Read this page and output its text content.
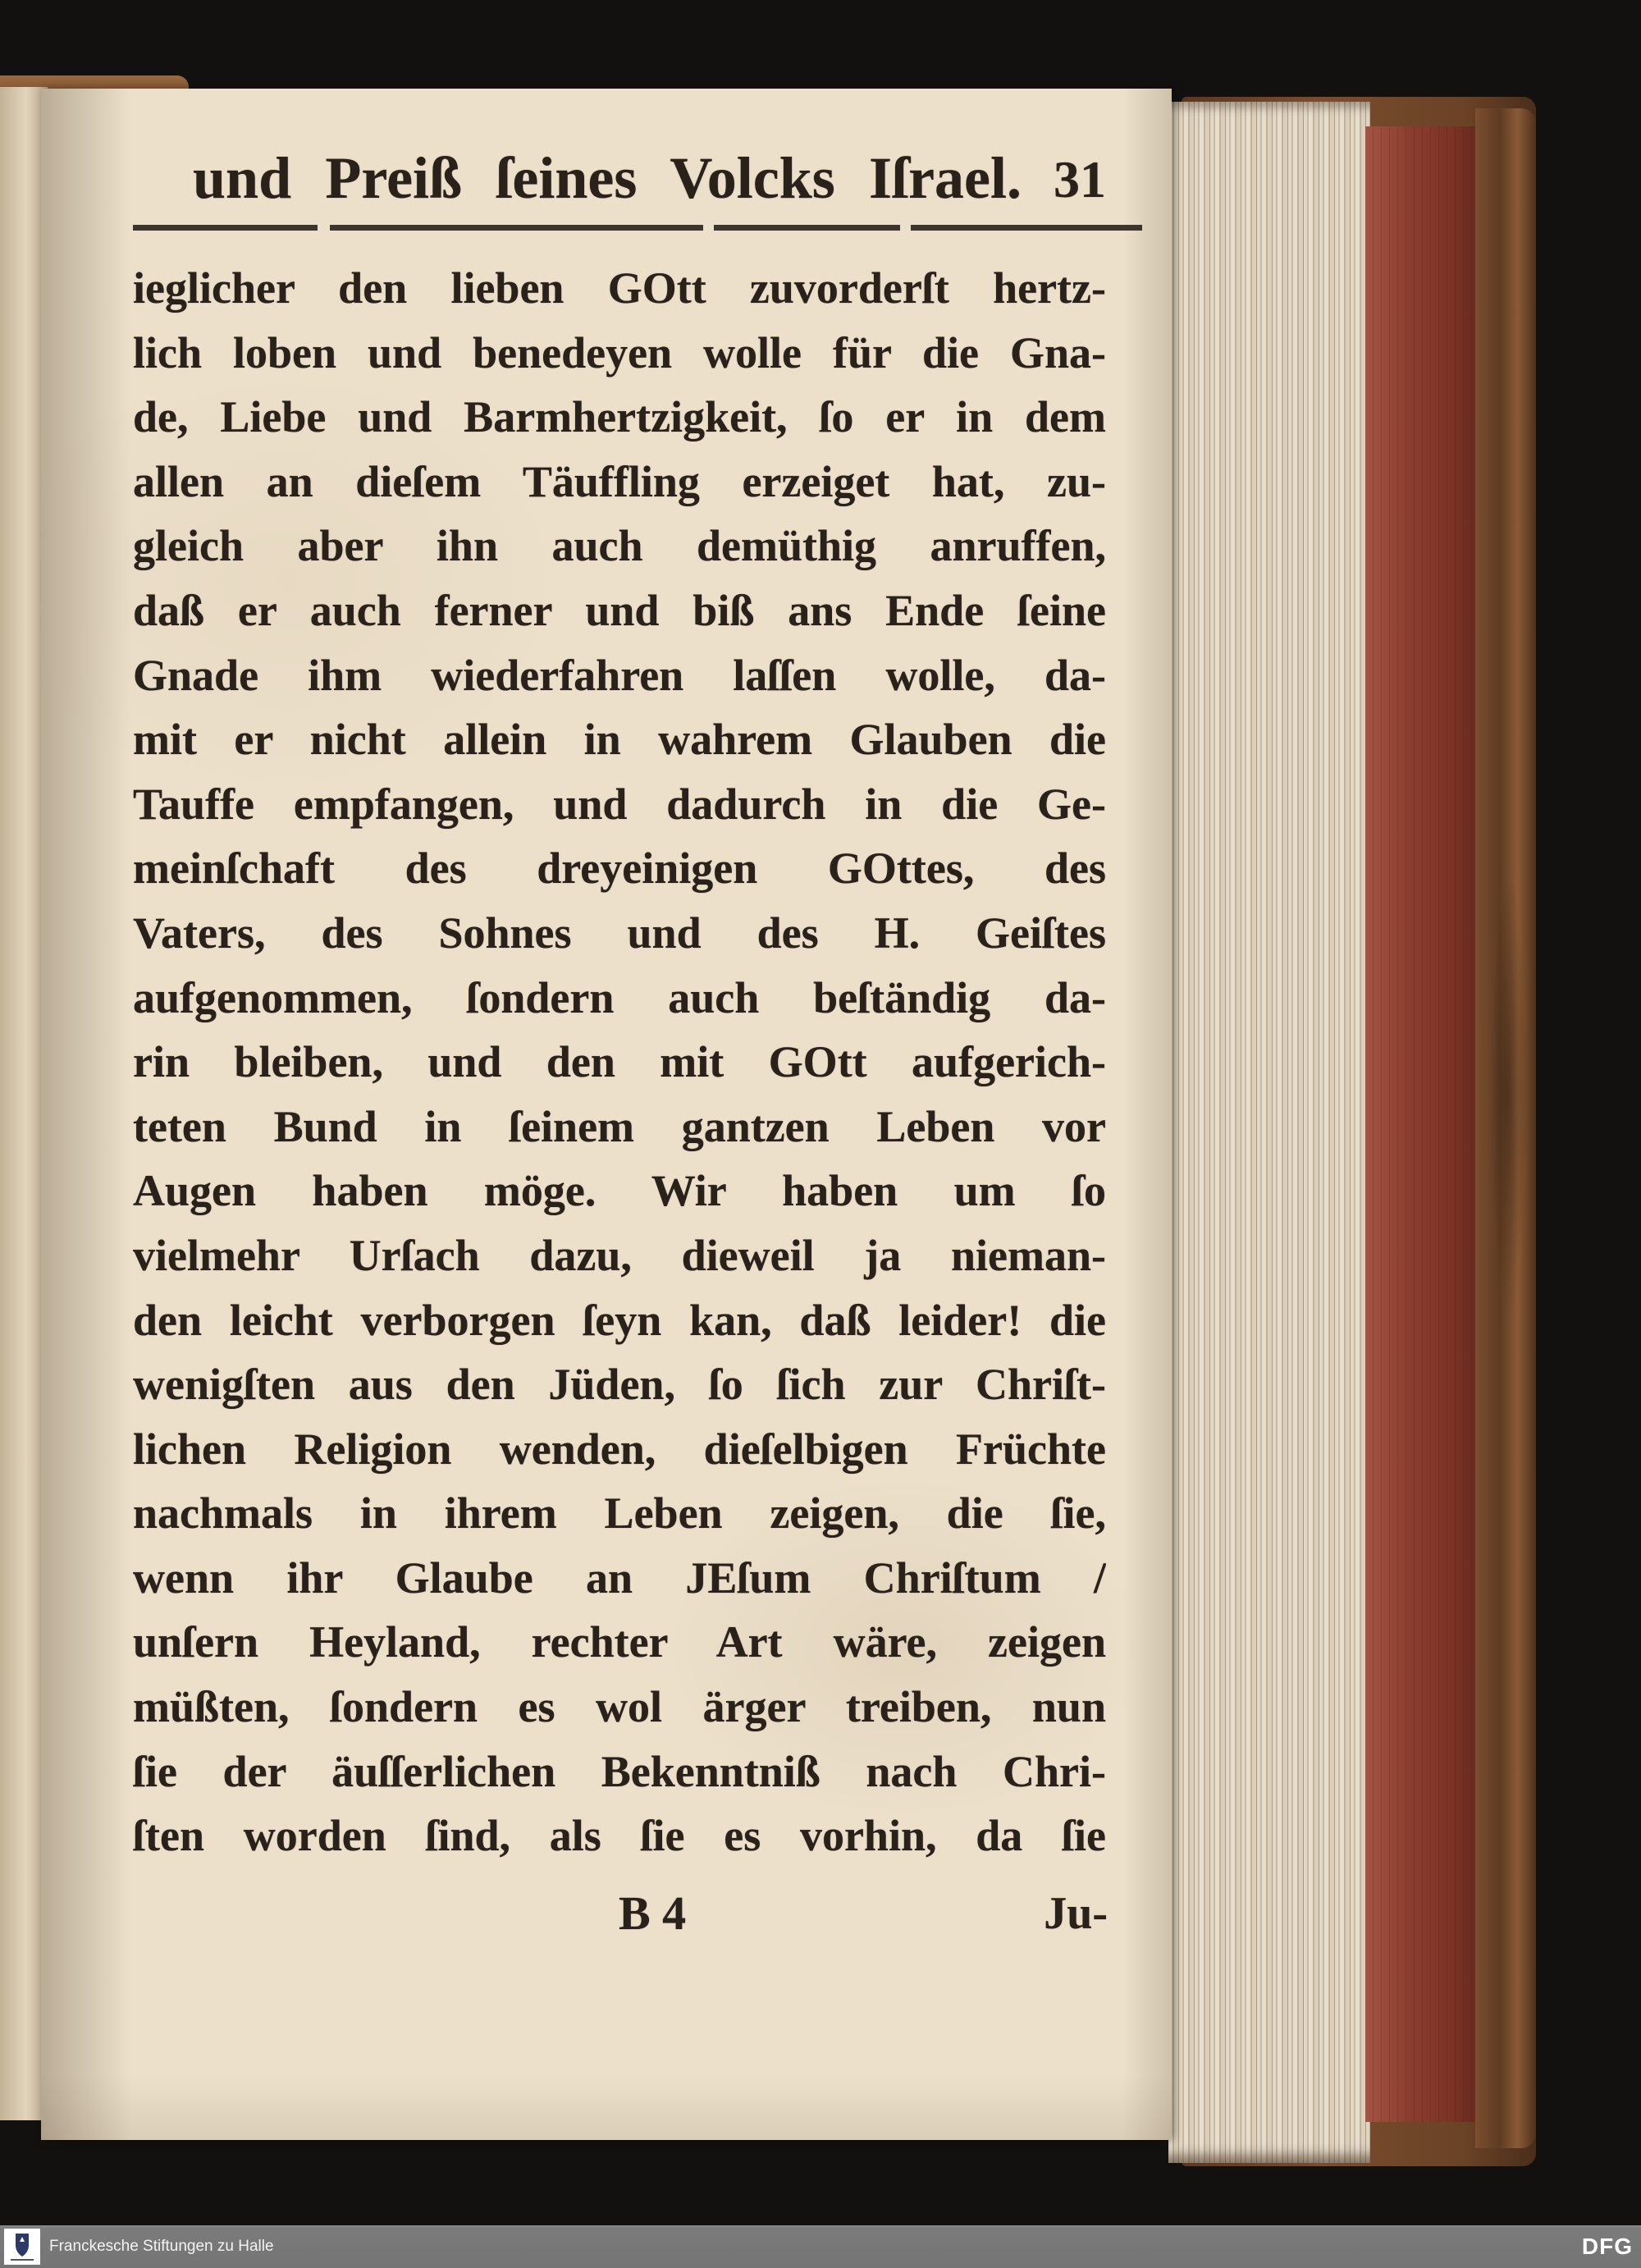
und Preiß ſeines Volcks Iſrael. 31
ieglicher den lieben GOtt zuvorderſt hertz-
lich loben und benedeyen wolle für die Gna-
de, Liebe und Barmhertzigkeit, ſo er in dem
allen an dieſem Täuffling erzeiget hat, zu-
gleich aber ihn auch demüthig anruffen,
daß er auch ferner und biß ans Ende ſeine
Gnade ihm wiederfahren laſſen wolle, da-
mit er nicht allein in wahrem Glauben die
Tauffe empfangen, und dadurch in die Ge-
meinſchaft des dreyeinigen GOttes, des
Vaters, des Sohnes und des H. Geiſtes
aufgenommen, ſondern auch beſtändig da-
rin bleiben, und den mit GOtt aufgerich-
teten Bund in ſeinem gantzen Leben vor
Augen haben möge. Wir haben um ſo
vielmehr Urſach dazu, dieweil ja nieman-
den leicht verborgen ſeyn kan, daß leider! die
wenigſten aus den Jüden, ſo ſich zur Chriſt-
lichen Religion wenden, dieſelbigen Früchte
nachmals in ihrem Leben zeigen, die ſie,
wenn ihr Glaube an JEſum Chriſtum /
unſern Heyland, rechter Art wäre, zeigen
müßten, ſondern es wol ärger treiben, nun
ſie der äuſſerlichen Bekenntniß nach Chri-
ſten worden ſind, als ſie es vorhin, da ſie
B 4	Ju-
Franckesche Stiftungen zu Halle	DFG
